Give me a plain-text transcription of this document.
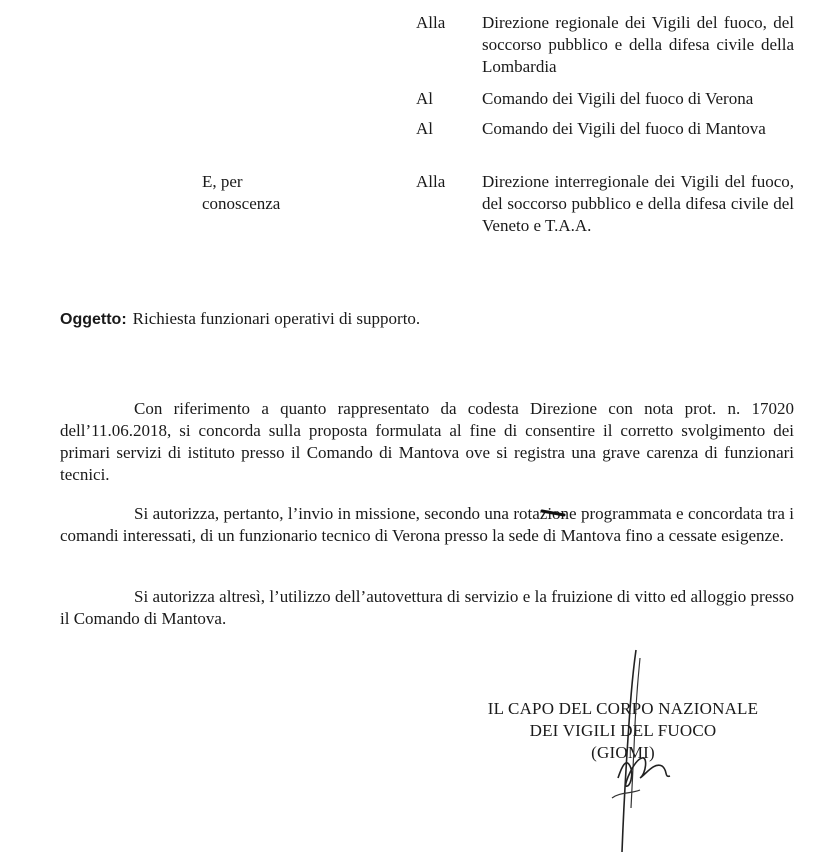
Alla Direzione regionale dei Vigili del fuoco, del soccorso pubblico e della difesa civile della Lombardia
Al	Comando dei Vigili del fuoco di Verona
Al	Comando dei Vigili del fuoco di Mantova
E, per conoscenza
Alla Direzione interregionale dei Vigili del fuoco, del soccorso pubblico e della difesa civile del Veneto e T.A.A.
Oggetto: Richiesta funzionari operativi di supporto.

Con riferimento a quanto rappresentato da codesta Direzione con nota prot. n. 17020 dell’11.06.2018, si concorda sulla proposta formulata al fine di consentire il corretto svolgimento dei primari servizi di istituto presso il Comando di Mantova ove si registra una grave carenza di funzionari tecnici.

Si autorizza, pertanto, l’invio in missione, secondo una rotazione programmata e concordata tra i comandi interessati, di un funzionario tecnico di Verona presso la sede di Mantova fino a cessate esigenze.

Si autorizza altresì, l’utilizzo dell’autovettura di servizio e la fruizione di vitto ed alloggio presso il Comando di Mantova.

IL CAPO DEL CORPO NAZIONALE
DEI VIGILI DEL FUOCO
(GIOMI)
